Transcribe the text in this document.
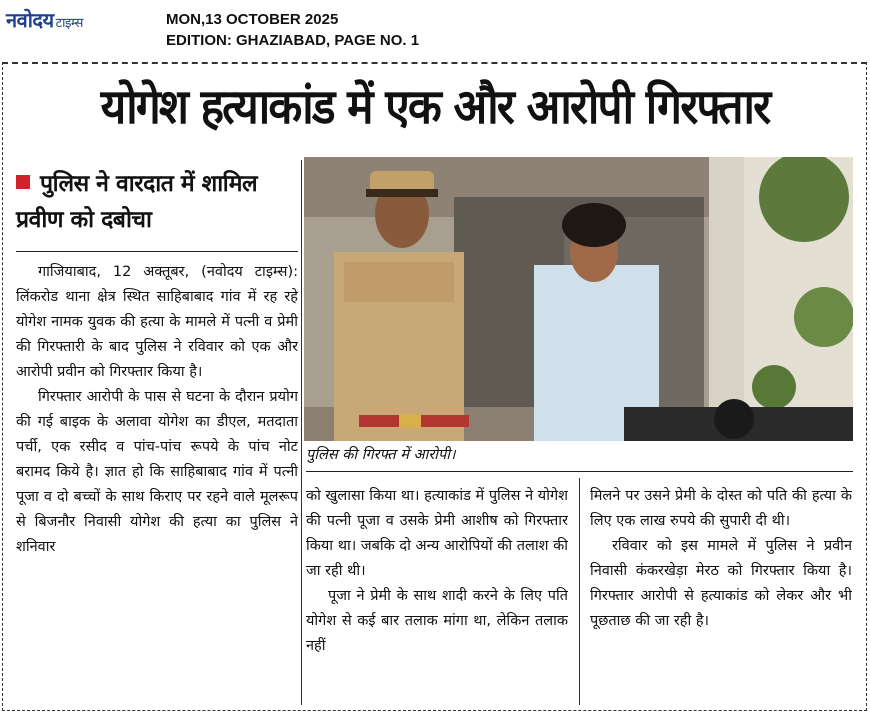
नवोदय टाइम्स	MON,13 OCTOBER 2025
EDITION: GHAZIABAD, PAGE NO. 1
योगेश हत्याकांड में एक और आरोपी गिरफ्तार
पुलिस ने वारदात में शामिल प्रवीण को दबोचा

गाजियाबाद, 12 अक्तूबर, (नवोदय टाइम्स): लिंकरोड थाना क्षेत्र स्थित साहिबाबाद गांव में रह रहे योगेश नामक युवक की हत्या के मामले में पत्नी व प्रेमी की गिरफ्तारी के बाद पुलिस ने रविवार को एक और आरोपी प्रवीन को गिरफ्तार किया है।

गिरफ्तार आरोपी के पास से घटना के दौरान प्रयोग की गई बाइक के अलावा योगेश का डीएल, मतदाता पर्ची, एक रसीद व पांच-पांच रूपये के पांच नोट बरामद किये है। ज्ञात हो कि साहिबाबाद गांव में पत्नी पूजा व दो बच्चों के साथ किराए पर रहने वाले मूलरूप से बिजनौर निवासी योगेश की हत्या का पुलिस ने शनिवार

पुलिस की गिरफ्त में आरोपी।

को खुलासा किया था। हत्याकांड में पुलिस ने योगेश की पत्नी पूजा व उसके प्रेमी आशीष को गिरफ्तार किया था। जबकि दो अन्य आरोपियों की तलाश की जा रही थी।

पूजा ने प्रेमी के साथ शादी करने के लिए पति योगेश से कई बार तलाक मांगा था, लेकिन तलाक नहीं

मिलने पर उसने प्रेमी के दोस्त को पति की हत्या के लिए एक लाख रुपये की सुपारी दी थी।

रविवार को इस मामले में पुलिस ने प्रवीन निवासी कंकरखेड़ा मेरठ को गिरफ्तार किया है। गिरफ्तार आरोपी से हत्याकांड को लेकर और भी पूछताछ की जा रही है।
